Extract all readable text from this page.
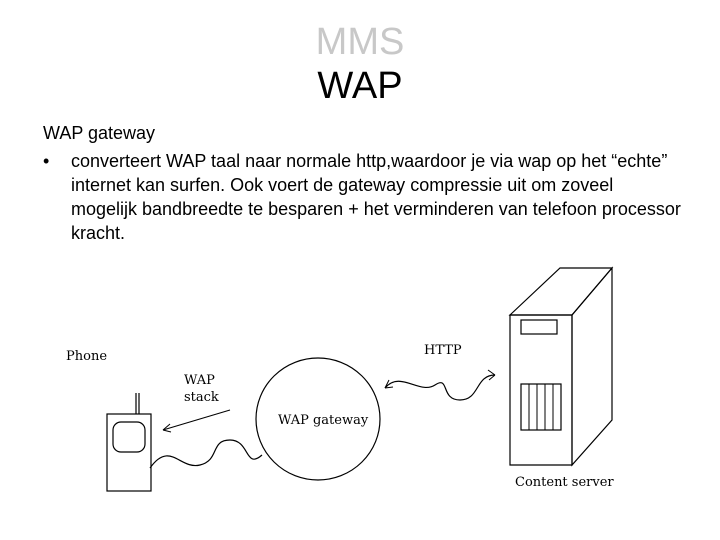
MMS
WAP
WAP gateway
• converteert WAP taal naar normale http,waardoor je via wap op het “echte” internet kan surfen. Ook voert de gateway compressie uit om zoveel mogelijk bandbreedte te besparen + het verminderen van telefoon processor kracht.
Phone
WAP
stack
WAP gateway
HTTP
Content server
